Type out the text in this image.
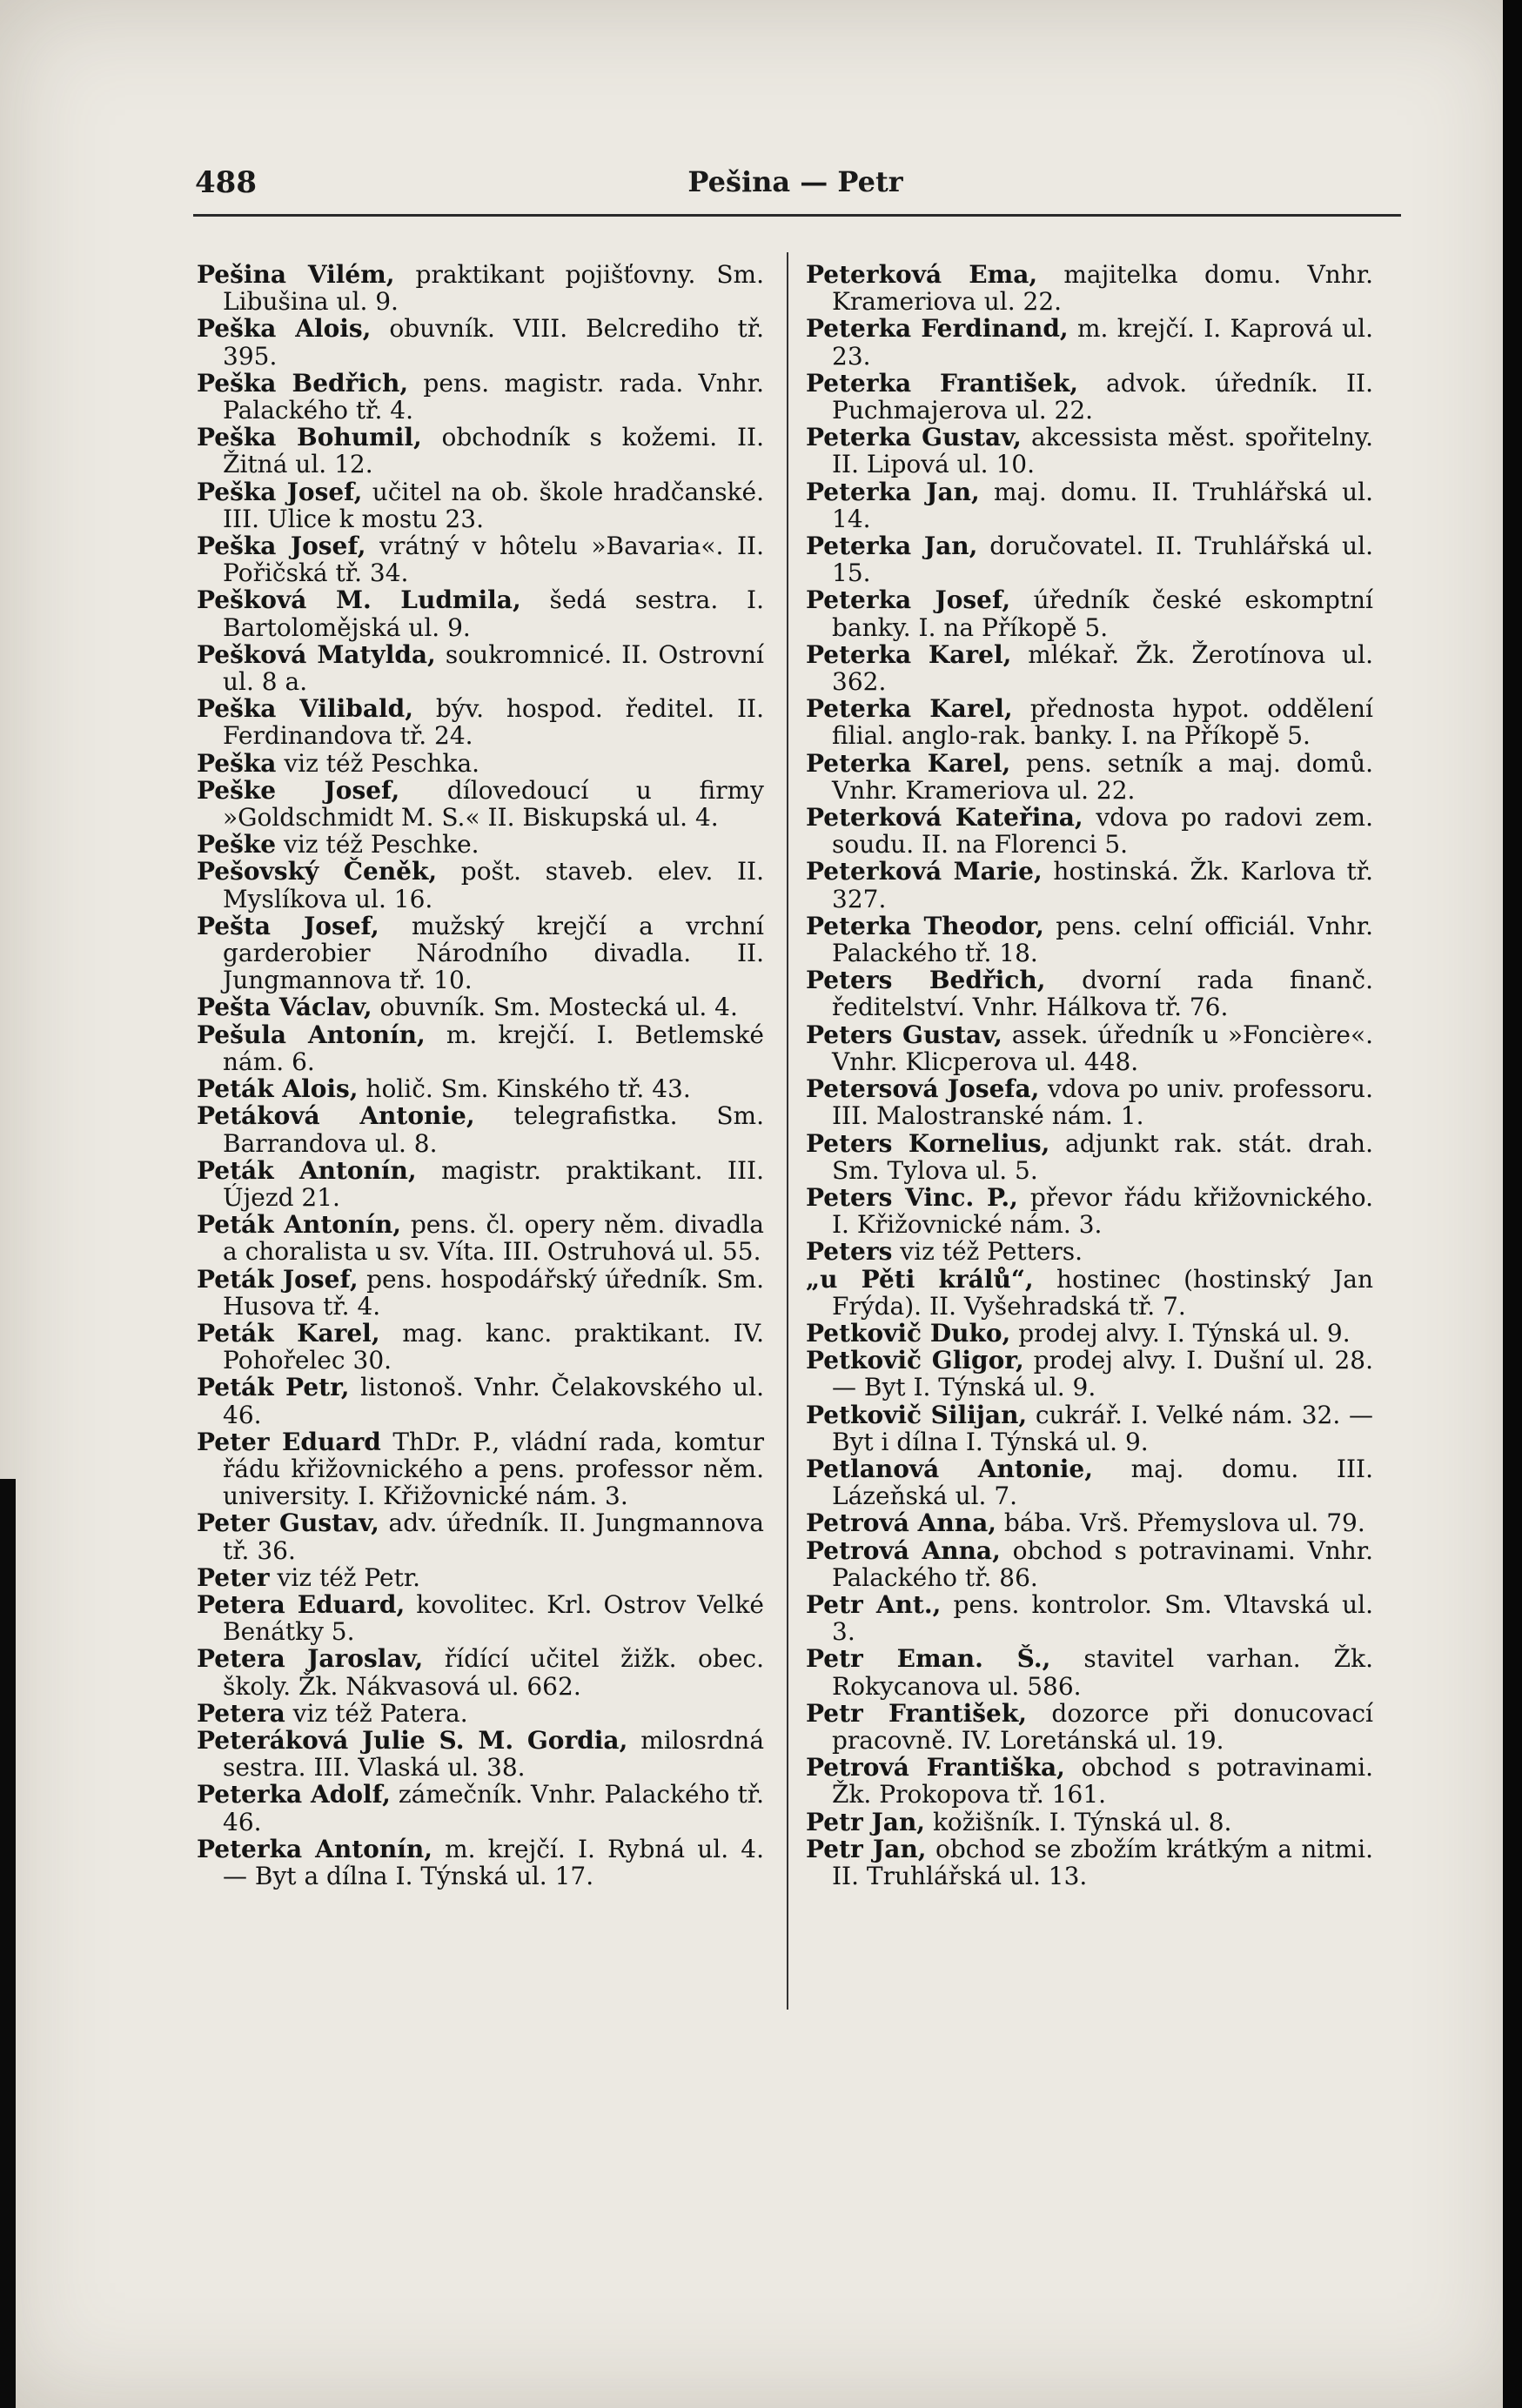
Pešina — Petr
488

Pešina Vilém, praktikant pojišťovny. Sm. Libušina ul. 9.

Peška Alois, obuvník. VIII. Belcrediho tř. 395.

Peška Bedřich, pens. magistr. rada. Vnhr. Palackého tř. 4.

Peška Bohumil, obchodník s kožemi. II. Žitná ul. 12.

Peška Josef, učitel na ob. škole hradčanské. III. Ulice k mostu 23.

Peška Josef, vrátný v hôtelu »Bavaria«. II. Pořičská tř. 34.

Pešková M. Ludmila, šedá sestra. I. Bartolomějská ul. 9.

Pešková Matylda, soukromnicé. II. Ostrovní ul. 8 a.

Peška Vilibald, býv. hospod. ředitel. II. Ferdinandova tř. 24.

Peška viz též Peschka.

Peške Josef, dílovedoucí u firmy »Goldschmidt M. S.« II. Biskupská ul. 4.

Peške viz též Peschke.

Pešovský Čeněk, pošt. staveb. elev. II. Myslíkova ul. 16.

Pešta Josef, mužský krejčí a vrchní garderobier Národního divadla. II. Jungmannova tř. 10.

Pešta Václav, obuvník. Sm. Mostecká ul. 4.

Pešula Antonín, m. krejčí. I. Betlemské nám. 6.

Peták Alois, holič. Sm. Kinského tř. 43.

Petáková Antonie, telegrafistka. Sm. Barrandova ul. 8.

Peták Antonín, magistr. praktikant. III. Újezd 21.

Peták Antonín, pens. čl. opery něm. divadla a choralista u sv. Víta. III. Ostruhová ul. 55.

Peták Josef, pens. hospodářský úředník. Sm. Husova tř. 4.

Peták Karel, mag. kanc. praktikant. IV. Pohořelec 30.

Peták Petr, listonoš. Vnhr. Čelakovského ul. 46.

Peter Eduard ThDr. P., vládní rada, komtur řádu křižovnického a pens. professor něm. university. I. Křižovnické nám. 3.

Peter Gustav, adv. úředník. II. Jungmannova tř. 36.

Peter viz též Petr.

Petera Eduard, kovolitec. Krl. Ostrov Velké Benátky 5.

Petera Jaroslav, řídící učitel žižk. obec. školy. Žk. Nákvasová ul. 662.

Petera viz též Patera.

Peteráková Julie S. M. Gordia, milosrdná sestra. III. Vlaská ul. 38.

Peterka Adolf, zámečník. Vnhr. Palackého tř. 46.

Peterka Antonín, m. krejčí. I. Rybná ul. 4. — Byt a dílna I. Týnská ul. 17.

Peterková Ema, majitelka domu. Vnhr. Krameriova ul. 22.

Peterka Ferdinand, m. krejčí. I. Kaprová ul. 23.

Peterka František, advok. úředník. II. Puchmajerova ul. 22.

Peterka Gustav, akcessista měst. spořitelny. II. Lipová ul. 10.

Peterka Jan, maj. domu. II. Truhlářská ul. 14.

Peterka Jan, doručovatel. II. Truhlářská ul. 15.

Peterka Josef, úředník české eskomptní banky. I. na Příkopě 5.

Peterka Karel, mlékař. Žk. Žerotínova ul. 362.

Peterka Karel, přednosta hypot. oddělení filial. anglo-rak. banky. I. na Příkopě 5.

Peterka Karel, pens. setník a maj. domů. Vnhr. Krameriova ul. 22.

Peterková Kateřina, vdova po radovi zem. soudu. II. na Florenci 5.

Peterková Marie, hostinská. Žk. Karlova tř. 327.

Peterka Theodor, pens. celní officiál. Vnhr. Palackého tř. 18.

Peters Bedřich, dvorní rada finanč. ředitelství. Vnhr. Hálkova tř. 76.

Peters Gustav, assek. úředník u »Foncière«. Vnhr. Klicperova ul. 448.

Petersová Josefa, vdova po univ. professoru. III. Malostranské nám. 1.

Peters Kornelius, adjunkt rak. stát. drah. Sm. Tylova ul. 5.

Peters Vinc. P., převor řádu křižovnického. I. Křižovnické nám. 3.

Peters viz též Petters.

„u Pěti králů“, hostinec (hostinský Jan Frýda). II. Vyšehradská tř. 7.

Petkovič Duko, prodej alvy. I. Týnská ul. 9.

Petkovič Gligor, prodej alvy. I. Dušní ul. 28. — Byt I. Týnská ul. 9.

Petkovič Silijan, cukrář. I. Velké nám. 32. — Byt i dílna I. Týnská ul. 9.

Petlanová Antonie, maj. domu. III. Lázeňská ul. 7.

Petrová Anna, bába. Vrš. Přemyslova ul. 79.

Petrová Anna, obchod s potravinami. Vnhr. Palackého tř. 86.

Petr Ant., pens. kontrolor. Sm. Vltavská ul. 3.

Petr Eman. Š., stavitel varhan. Žk. Rokycanova ul. 586.

Petr František, dozorce při donucovací pracovně. IV. Loretánská ul. 19.

Petrová Františka, obchod s potravinami. Žk. Prokopova tř. 161.

Petr Jan, kožišník. I. Týnská ul. 8.

Petr Jan, obchod se zbožím krátkým a nitmi. II. Truhlářská ul. 13.
